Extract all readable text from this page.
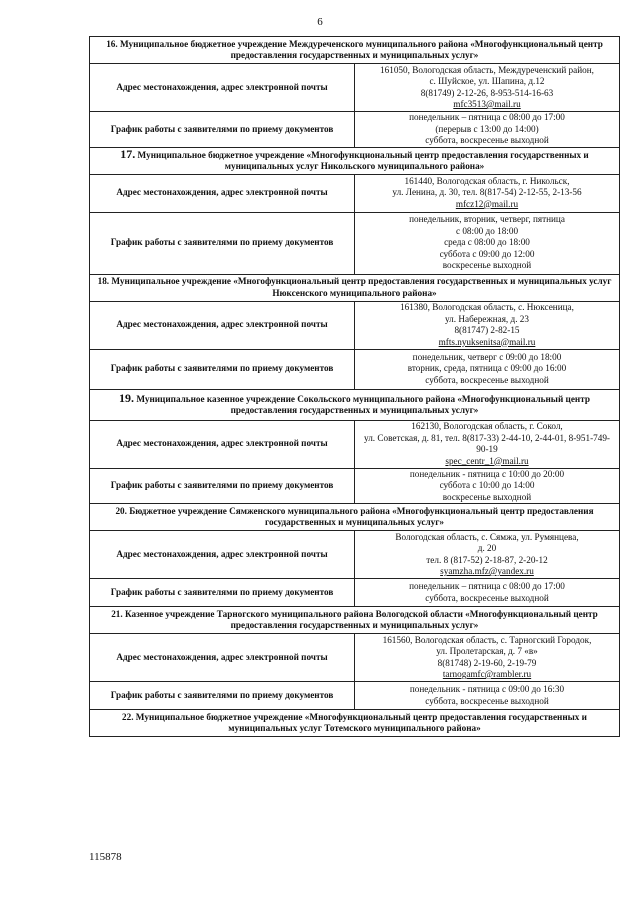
6
16. Муниципальное бюджетное учреждение Междуреченского муниципального района «Многофункциональный центр предоставления государственных и муниципальных услуг»	
Адрес местонахождения, адрес электронной почты	161050, Вологодская область, Междуреченский район,
с. Шуйское, ул. Шапина, д.12
8(81749) 2-12-26, 8-953-514-16-63
mfc3513@mail.ru

График работы с заявителями по приему документов	понедельник – пятница с 08:00 до 17:00
(перерыв с 13:00 до 14:00)
суббота, воскресенье выходной

17. Муниципальное бюджетное учреждение «Многофункциональный центр предоставления государственных и муниципальных услуг Никольского муниципального района»	
Адрес местонахождения, адрес электронной почты	161440, Вологодская область, г. Никольск,
ул. Ленина, д. 30, тел. 8(817-54) 2-12-55, 2-13-56
mfcz12@mail.ru

График работы с заявителями по приему документов	понедельник, вторник, четверг, пятница
с 08:00 до 18:00
среда с 08:00 до 18:00
суббота с 09:00 до 12:00
воскресенье выходной

18. Муниципальное учреждение «Многофункциональный центр предоставления государственных и муниципальных услуг Нюксенского муниципального района»	
Адрес местонахождения, адрес электронной почты	161380, Вологодская область, с. Нюксеница,
ул. Набережная, д. 23
8(81747) 2-82-15
mfts.nyuksenitsa@mail.ru

График работы с заявителями по приему документов	понедельник, четверг с 09:00 до 18:00
вторник, среда, пятница с 09:00 до 16:00
суббота, воскресенье выходной

19. Муниципальное казенное учреждение Сокольского муниципального района «Многофункциональный центр предоставления государственных и муниципальных услуг»	
Адрес местонахождения, адрес электронной почты	162130, Вологодская область, г. Сокол,
ул. Советская, д. 81, тел. 8(817-33) 2-44-10, 2-44-01, 8-951-749-90-19
spec_centr_1@mail.ru

График работы с заявителями по приему документов	понедельник - пятница с 10:00 до 20:00
суббота с 10:00 до 14:00
воскресенье выходной

20. Бюджетное учреждение Сямженского муниципального района «Многофункциональный центр предоставления государственных и муниципальных услуг»	
Адрес местонахождения, адрес электронной почты	Вологодская область, с. Сямжа, ул. Румянцева,
д. 20
тел. 8 (817-52) 2-18-87, 2-20-12
syamzha.mfz@yandex.ru

График работы с заявителями по приему документов	понедельник – пятница с 08:00 до 17:00
суббота, воскресенье выходной

21. Казенное учреждение Тарногского муниципального района Вологодской области «Многофункциональный центр предоставления государственных и муниципальных услуг»	
Адрес местонахождения, адрес электронной почты	161560, Вологодская область, с. Тарногский Городок,
ул. Пролетарская, д. 7 «в»
8(81748) 2-19-60, 2-19-79
tarnogamfc@rambler.ru

График работы с заявителями по приему документов	понедельник - пятница с 09:00 до 16:30
суббота, воскресенье выходной

22. Муниципальное бюджетное учреждение «Многофункциональный центр предоставления государственных и муниципальных услуг Тотемского муниципального района»	
115878
